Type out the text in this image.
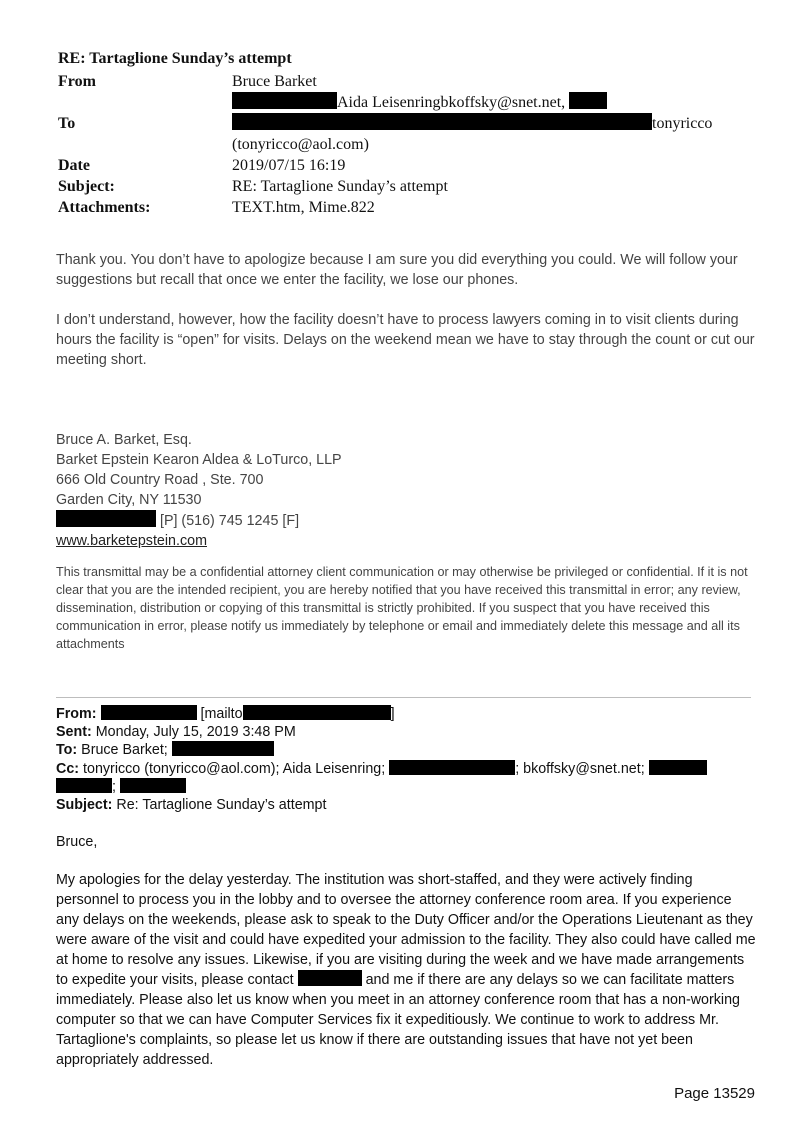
RE: Tartaglione Sunday’s attempt
From	Bruce Barket
To
Aida Leisenringbkoffsky@snet.net,
tonyricco
(tonyricco@aol.com)
Date	2019/07/15 16:19
Subject:	RE: Tartaglione Sunday’s attempt
Attachments:	TEXT.htm, Mime.822

Thank you. You don’t have to apologize because I am sure you did everything you could. We will follow your suggestions but recall that once we enter the facility, we lose our phones.

I don’t understand, however, how the facility doesn’t have to process lawyers coming in to visit clients during hours the facility is “open” for visits. Delays on the weekend mean we have to stay through the count or cut our meeting short.

Bruce A. Barket, Esq.
Barket Epstein Kearon Aldea & LoTurco, LLP
666 Old Country Road , Ste. 700
Garden City, NY 11530
[P] (516) 745 1245 [F]
www.barketepstein.com
This transmittal may be a confidential attorney client communication or may otherwise be privileged or confidential. If it is not clear that you are the intended recipient, you are hereby notified that you have received this transmittal in error; any review, dissemination, distribution or copying of this transmittal is strictly prohibited. If you suspect that you have received this communication in error, please notify us immediately by telephone or email and immediately delete this message and all its attachments
From:	[mailto	]
Sent: Monday, July 15, 2019 3:48 PM
To: Bruce Barket;
Cc: tonyricco (tonyricco@aol.com); Aida Leisenring;	; bkoffsky@snet.net;
;
Subject: Re: Tartaglione Sunday’s attempt

Bruce,

My apologies for the delay yesterday. The institution was short-staffed, and they were actively finding personnel to process you in the lobby and to oversee the attorney conference room area. If you experience any delays on the weekends, please ask to speak to the Duty Officer and/or the Operations Lieutenant as they were aware of the visit and could have expedited your admission to the facility. They also could have called me at home to resolve any issues. Likewise, if you are visiting during the week and we have made arrangements to expedite your visits, please contact	and me if there are any delays so we can facilitate matters immediately. Please also let us know when you meet in an attorney conference room that has a non-working computer so that we can have Computer Services fix it expeditiously. We continue to work to address Mr. Tartaglione's complaints, so please let us know if there are outstanding issues that have not yet been appropriately addressed.

Page 13529
